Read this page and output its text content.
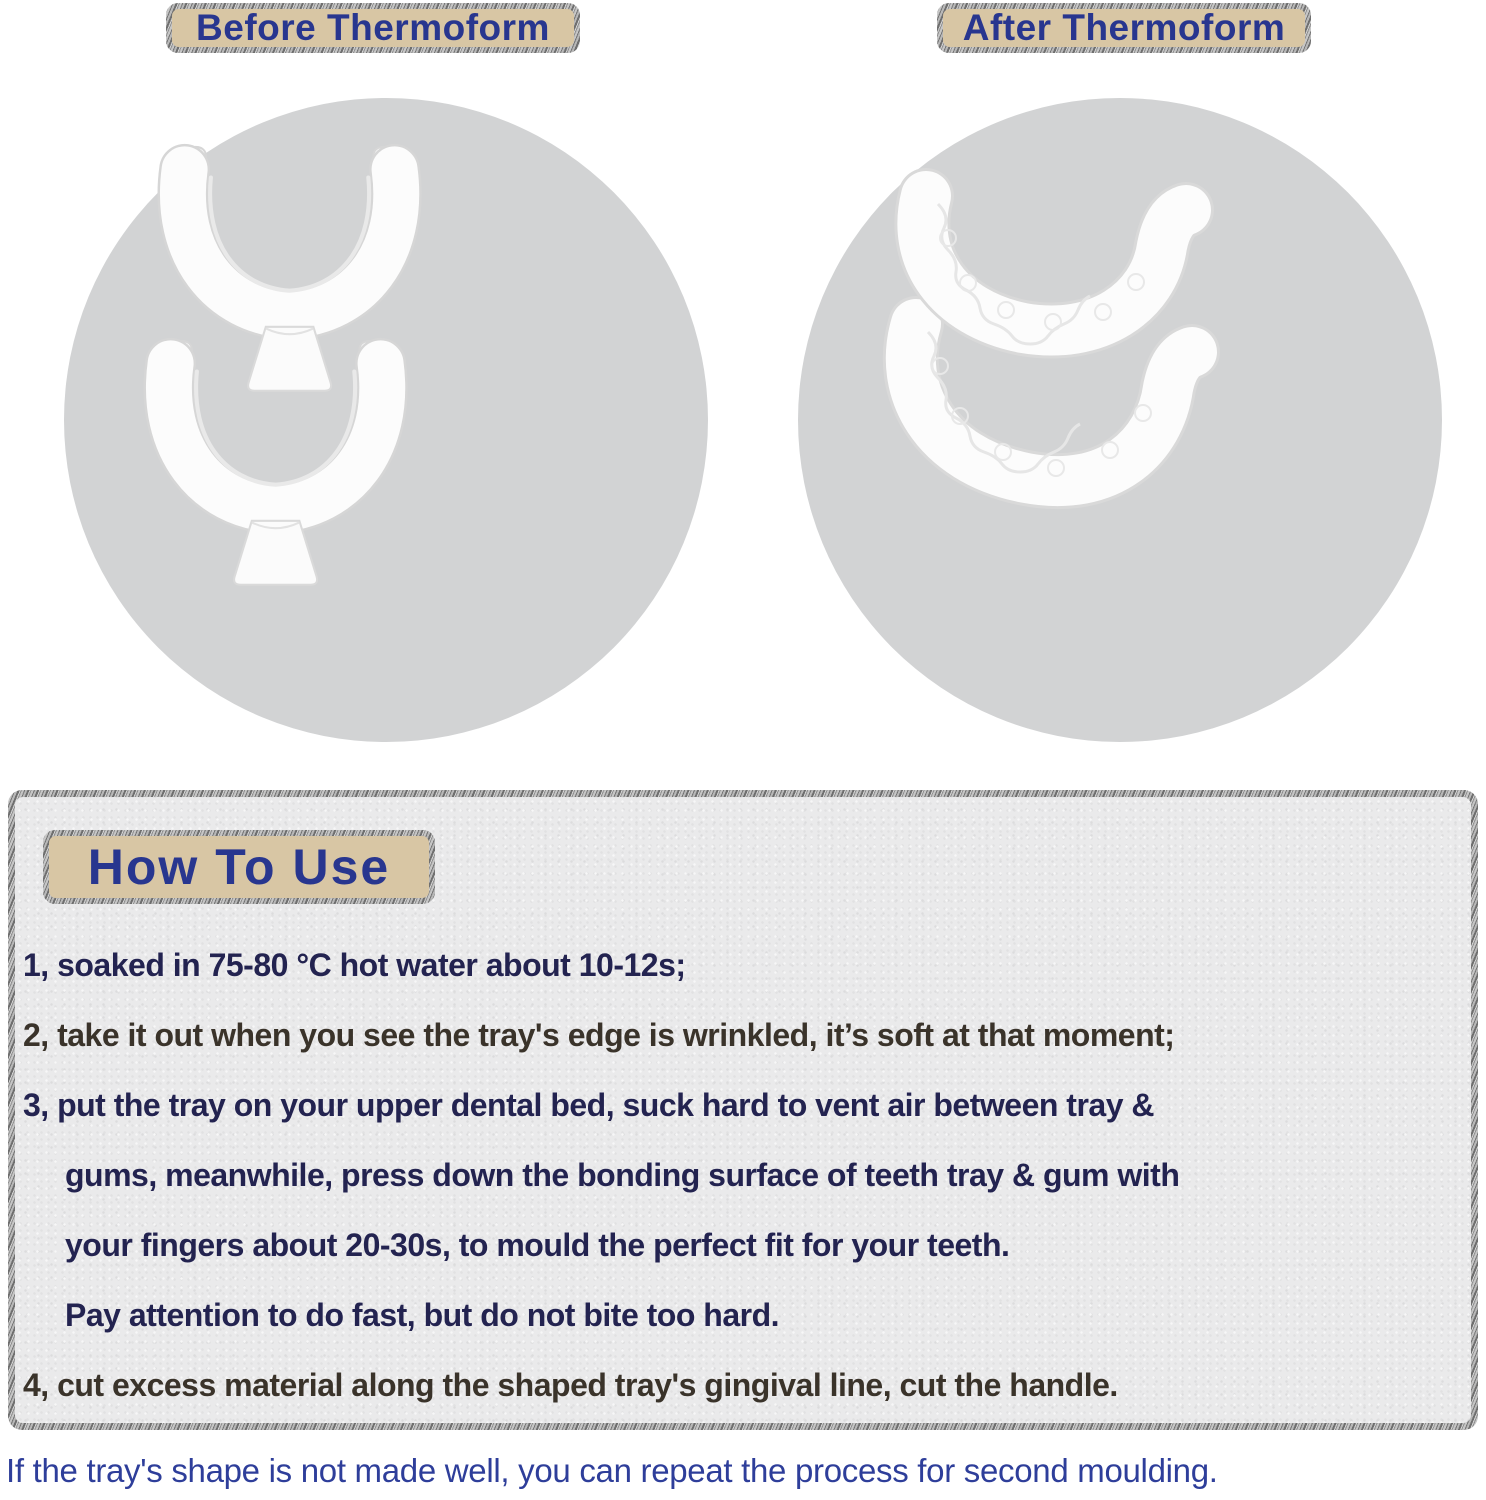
Before Thermoform	After Thermoform
How To Use
1, soaked in 75-80 °C hot water about 10-12s;
2, take it out when you see the tray's edge is wrinkled, it’s soft at that moment;
3, put the tray on your upper dental bed, suck hard to vent air between tray &
gums, meanwhile, press down the bonding surface of teeth tray & gum with
your fingers about 20-30s, to mould the perfect fit for your teeth.
Pay attention to do fast, but do not bite too hard.
4, cut excess material along the shaped tray's gingival line, cut the handle.
If the tray's shape is not made well, you can repeat the process for second moulding.
